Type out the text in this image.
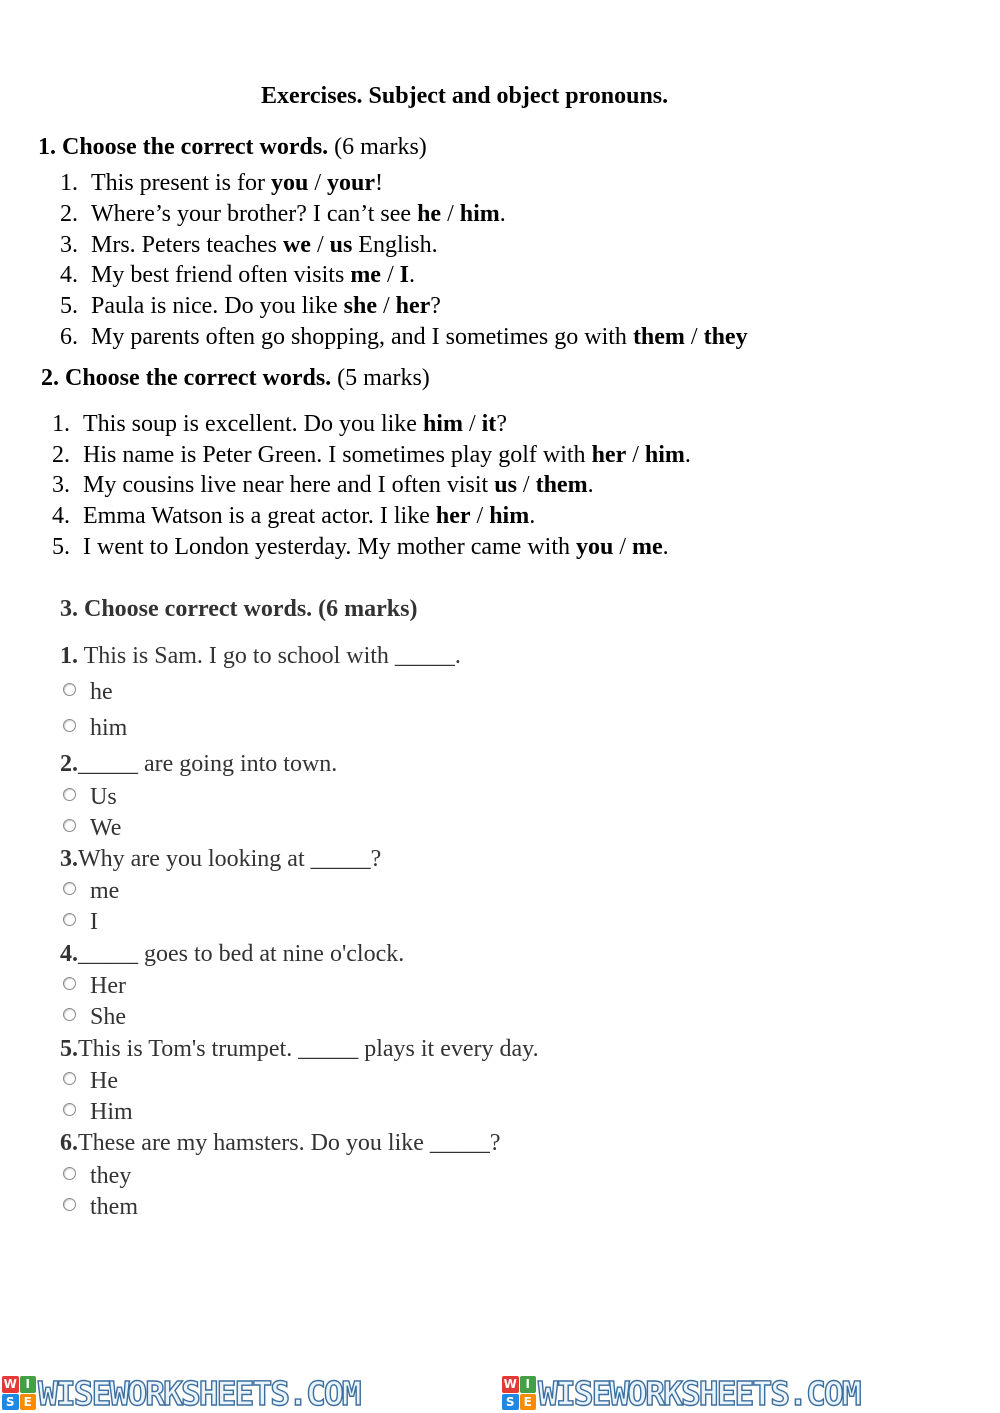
Exercises. Subject and object pronouns.
1. Choose the correct words. (6 marks)
1. This present is for you / your!
2. Where’s your brother? I can’t see he / him.
3. Mrs. Peters teaches we / us English.
4. My best friend often visits me / I.
5. Paula is nice. Do you like she / her?
6. My parents often go shopping, and I sometimes go with them / they
2. Choose the correct words. (5 marks)
1. This soup is excellent. Do you like him / it?
2. His name is Peter Green. I sometimes play golf with her / him.
3. My cousins live near here and I often visit us / them.
4. Emma Watson is a great actor. I like her / him.
5. I went to London yesterday. My mother came with you / me.
3. Choose correct words. (6 marks)
1. This is Sam. I go to school with _____.
he
him
2._____ are going into town.
Us
We
3.Why are you looking at _____?
me
I
4._____ goes to bed at nine o'clock.
Her
She
5.This is Tom's trumpet. _____ plays it every day.
He
Him
6.These are my hamsters. Do you like _____?
they
them
W I
S E WISEWORKSHEETS.COM	W I
S E WISEWORKSHEETS.COM
